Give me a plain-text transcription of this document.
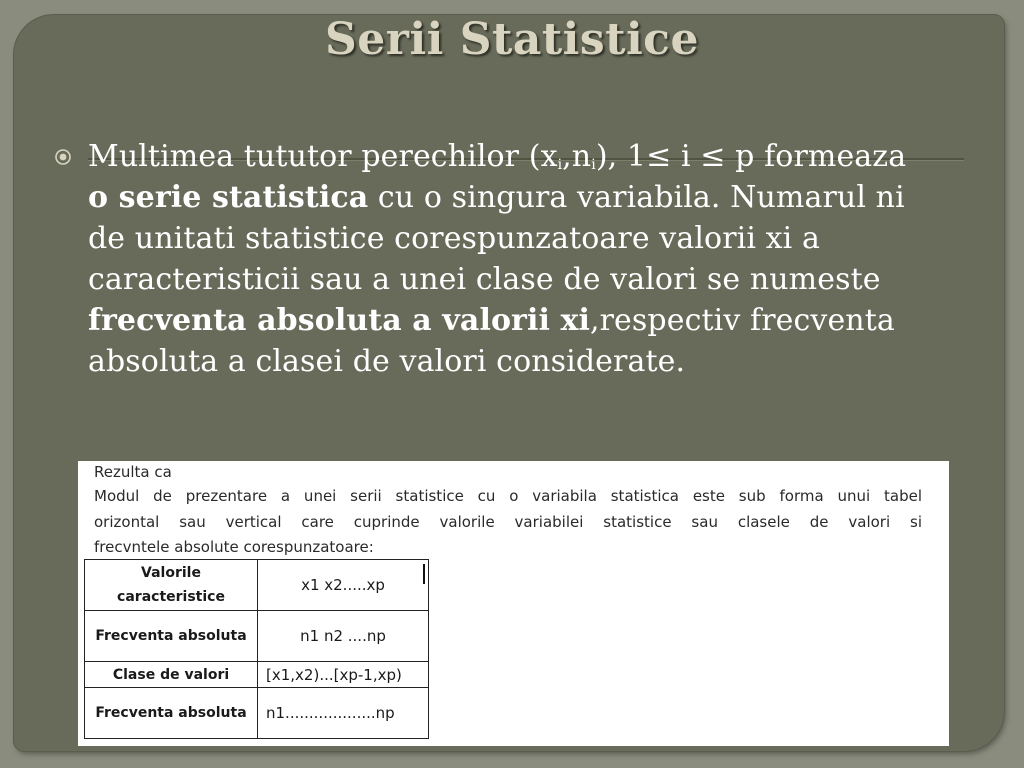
Serii Statistice
Multimea tututor perechilor $(x_i,n_i)$, 1≤ i ≤ p formeaza o serie statistica cu o singura variabila. Numarul ni de unitati statistice corespunzatoare valorii xi a caracteristicii sau a unei clase de valori se numeste frecventa absoluta a valorii xi,respectiv frecventa absoluta a clasei de valori considerate.
Rezulta ca
Modul de prezentare a unei serii statistice cu o variabila statistica este sub forma unui tabel
orizontal sau vertical care cuprinde valorile variabilei statistice sau clasele de valori si
frecvntele absolute corespunzatoare:
Valorile caracteristice	x1 x2.....xp
Frecventa absoluta	n1 n2 ....np
Clase de valori	[x1,x2)...[xp-1,xp)
Frecventa absoluta	n1...................np
